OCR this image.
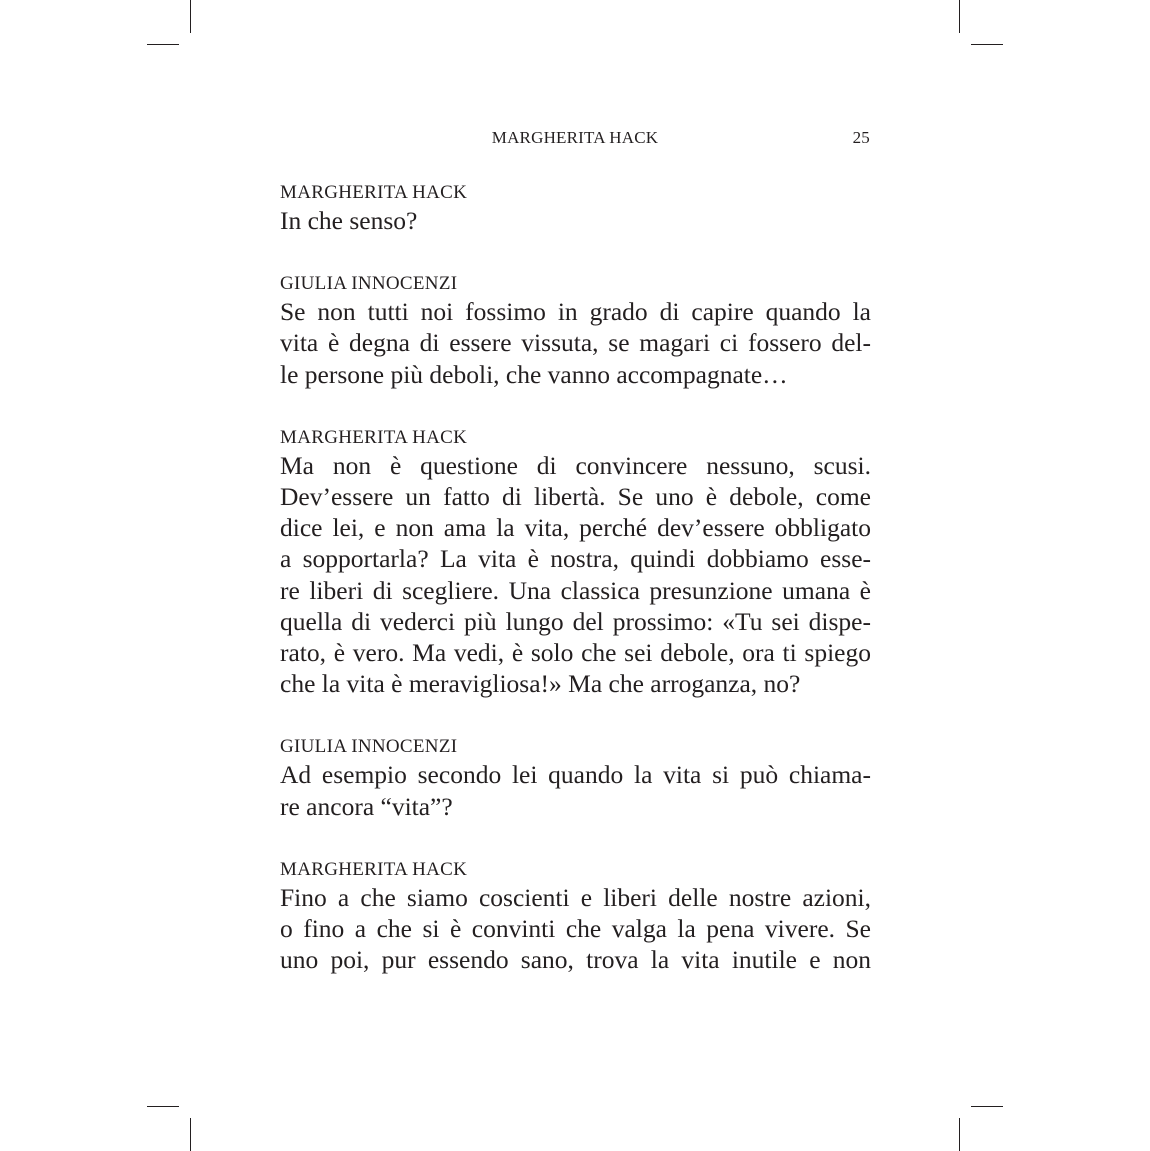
MARGHERITA HACK	25
MARGHERITA HACK
In che senso?
GIULIA INNOCENZI
Se non tutti noi fossimo in grado di capire quando la
vita è degna di essere vissuta, se magari ci fossero del-
le persone più deboli, che vanno accompagnate…
MARGHERITA HACK
Ma non è questione di convincere nessuno, scusi.
Dev’essere un fatto di libertà. Se uno è debole, come
dice lei, e non ama la vita, perché dev’essere obbligato
a sopportarla? La vita è nostra, quindi dobbiamo esse-
re liberi di scegliere. Una classica presunzione umana è
quella di vederci più lungo del prossimo: «Tu sei dispe-
rato, è vero. Ma vedi, è solo che sei debole, ora ti spiego
che la vita è meravigliosa!» Ma che arroganza, no?
GIULIA INNOCENZI
Ad esempio secondo lei quando la vita si può chiama-
re ancora “vita”?
MARGHERITA HACK
Fino a che siamo coscienti e liberi delle nostre azioni,
o fino a che si è convinti che valga la pena vivere. Se
uno poi, pur essendo sano, trova la vita inutile e non
